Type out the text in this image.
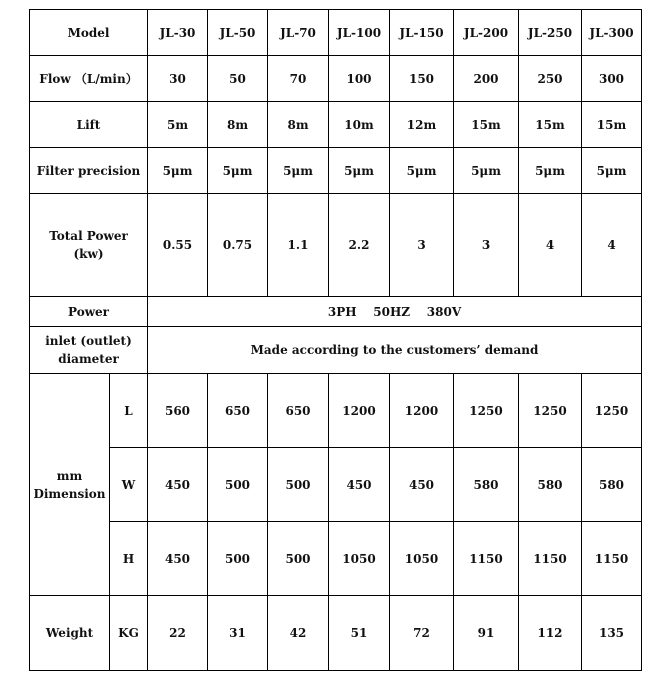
Model		JL-30	JL-50	JL-70	JL-100	JL-150	JL-200	JL-250	JL-300
Flow （L/min）		30	50	70	100	150	200	250	300
Lift		5m	8m	8m	10m	12m	15m	15m	15m
Filter precision		5μm	5μm	5μm	5μm	5μm	5μm	5μm	5μm

Total Power
(kw)		0.55	0.75	1.1	2.2	3	3	4	4
Power		3PH    50HZ    380V							

inlet (outlet)
diameter		Made according to the customers’ demand							

mm
Dimension	L	560	650	650	1200	1200	1250	1250	1250
	W	450	500	500	450	450	580	580	580
	H	450	500	500	1050	1050	1150	1150	1150
Weight	KG	22	31	42	51	72	91	112	135
